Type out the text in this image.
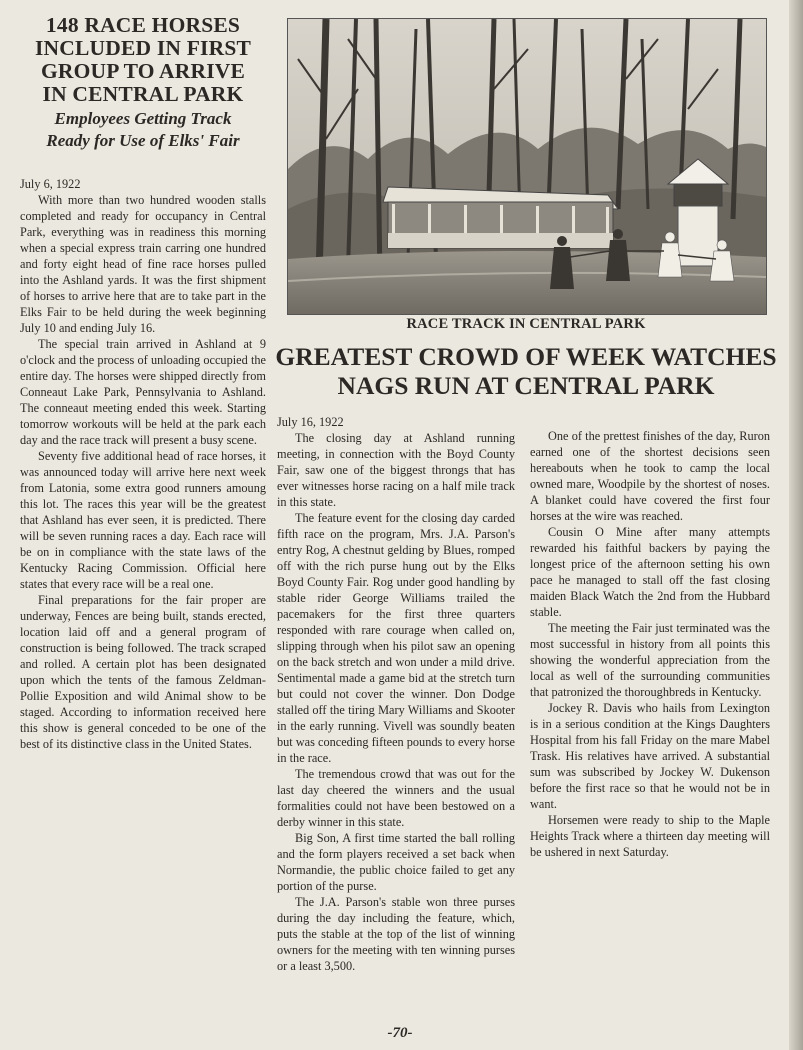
148 RACE HORSES
INCLUDED IN FIRST
GROUP TO ARRIVE
IN CENTRAL PARK
Employees Getting Track
Ready for Use of Elks' Fair
July 6, 1922

With more than two hundred wooden stalls completed and ready for occupancy in Central Park, everything was in readiness this morning when a special express train carring one hundred and forty eight head of fine race horses pulled into the Ashland yards. It was the first shipment of horses to arrive here that are to take part in the Elks Fair to be held during the week beginning July 10 and ending July 16.

The special train arrived in Ashland at 9 o'clock and the process of unloading occupied the entire day. The horses were shipped directly from Conneaut Lake Park, Pennsylvania to Ashland. The conneaut meeting ended this week. Starting tomorrow workouts will be held at the park each day and the race track will present a busy scene.

Seventy five additional head of race horses, it was announced today will arrive here next week from Latonia, some extra good runners amoung this lot. The races this year will be the greatest that Ashland has ever seen, it is predicted. There will be seven running races a day. Each race will be on in compliance with the state laws of the Kentucky Racing Commission. Official here states that every race will be a real one.

Final preparations for the fair proper are underway, Fences are being built, stands erected, location laid off and a general program of construction is being followed. The track scraped and rolled. A certain plot has been designated upon which the tents of the famous Zeldman-Pollie Exposition and wild Animal show to be staged. According to information received here this show is general conceded to be one of the best of its distinctive class in the United States.

RACE TRACK IN CENTRAL PARK
GREATEST CROWD OF WEEK WATCHES
NAGS RUN AT CENTRAL PARK
July 16, 1922

The closing day at Ashland running meeting, in connection with the Boyd County Fair, saw one of the biggest throngs that has ever witnesses horse racing on a half mile track in this state.

The feature event for the closing day carded fifth race on the program, Mrs. J.A. Parson's entry Rog, A chestnut gelding by Blues, romped off with the rich purse hung out by the Elks Boyd County Fair. Rog under good handling by stable rider George Williams trailed the pacemakers for the first three quarters responded with rare courage when called on, slipping through when his pilot saw an opening on the back stretch and won under a mild drive. Sentimental made a game bid at the stretch turn but could not cover the winner. Don Dodge stalled off the tiring Mary Williams and Skooter in the early running. Vivell was soundly beaten but was conceding fifteen pounds to every horse in the race.

The tremendous crowd that was out for the last day cheered the winners and the usual formalities could not have been bestowed on a derby winner in this state.

Big Son, A first time started the ball rolling and the form players received a set back when Normandie, the public choice failed to get any portion of the purse.

The J.A. Parson's stable won three purses during the day including the feature, which, puts the stable at the top of the list of winning owners for the meeting with ten winning purses or a least 3,500.

One of the prettest finishes of the day, Ruron earned one of the shortest decisions seen hereabouts when he took to camp the local owned mare, Woodpile by the shortest of noses. A blanket could have covered the first four horses at the wire was reached.

Cousin O Mine after many attempts rewarded his faithful backers by paying the longest price of the afternoon setting his own pace he managed to stall off the fast closing maiden Black Watch the 2nd from the Hubbard stable.

The meeting the Fair just terminated was the most successful in history from all points this showing the wonderful appreciation from the local as well of the surrounding communities that patronized the thoroughbreds in Kentucky.

Jockey R. Davis who hails from Lexington is in a serious condition at the Kings Daughters Hospital from his fall Friday on the mare Mabel Trask. His relatives have arrived. A substantial sum was subscribed by Jockey W. Dukenson before the first race so that he would not be in want.

Horsemen were ready to ship to the Maple Heights Track where a thirteen day meeting will be ushered in next Saturday.

-70-
